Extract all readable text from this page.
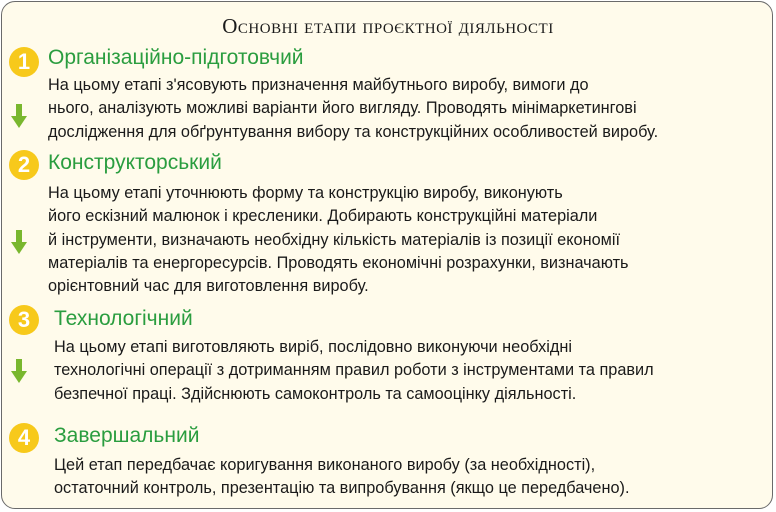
Основні етапи проєктної діяльності
1 Організаційно-підготовчий
На цьому етапі з'ясовують призначення майбутнього виробу, вимоги до
нього, аналізують можливі варіанти його вигляду. Проводять мінімаркетингові
дослідження для обґрунтування вибору та конструкційних особливостей виробу.
2 Конструкторський
На цьому етапі уточнюють форму та конструкцію виробу, виконують
його ескізний малюнок і кресленики. Добирають конструкційні матеріали
й інструменти, визначають необхідну кількість матеріалів із позиції економії
матеріалів та енергоресурсів. Проводять економічні розрахунки, визначають
орієнтовний час для виготовлення виробу.
3	Технологічний
На цьому етапі виготовляють виріб, послідовно виконуючи необхідні
технологічні операції з дотриманням правил роботи з інструментами та правил
безпечної праці. Здійснюють самоконтроль та самооцінку діяльності.
4	Завершальний
Цей етап передбачає коригування виконаного виробу (за необхідності),
остаточний контроль, презентацію та випробування (якщо це передбачено).
